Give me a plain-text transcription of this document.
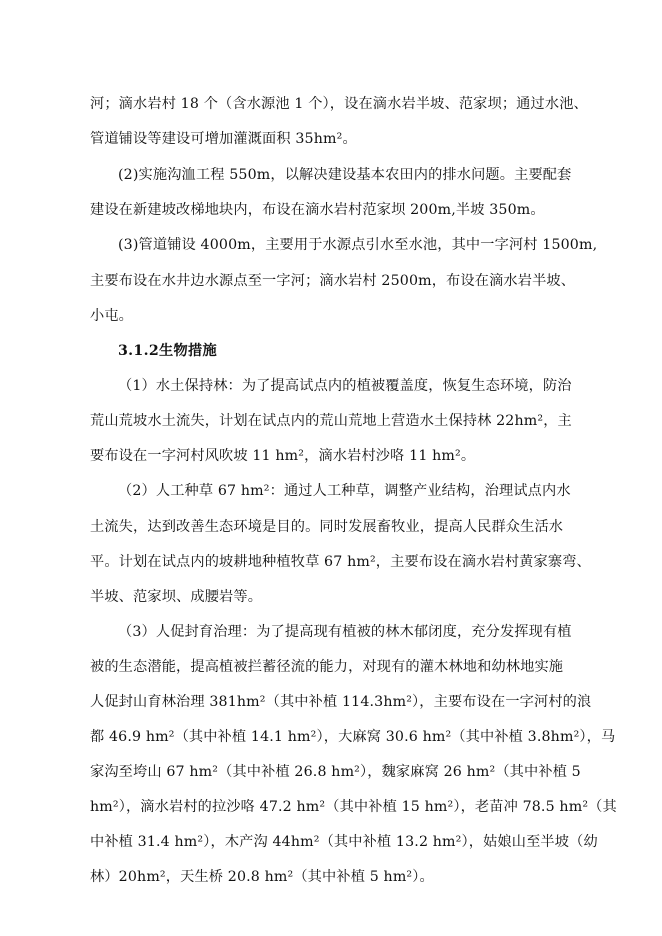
河；滴水岩村 18 个（含水源池 1 个），设在滴水岩半坡、范家坝；通过水池、
管道铺设等建设可增加灌溉面积 35hm²。
(2)实施沟洫工程 550m，以解决建设基本农田内的排水问题。主要配套
建设在新建坡改梯地块内，布设在滴水岩村范家坝 200m,半坡 350m。
(3)管道铺设 4000m，主要用于水源点引水至水池，其中一字河村 1500m,
主要布设在水井边水源点至一字河；滴水岩村 2500m，布设在滴水岩半坡、
小屯。
3.1.2生物措施
（1）水土保持林：为了提高试点内的植被覆盖度，恢复生态环境，防治
荒山荒坡水土流失，计划在试点内的荒山荒地上营造水土保持林 22hm²，主
要布设在一字河村风吹坡 11 hm²，滴水岩村沙咯 11 hm²。
（2）人工种草 67 hm²：通过人工种草，调整产业结构，治理试点内水
土流失，达到改善生态环境是目的。同时发展畜牧业，提高人民群众生活水
平。计划在试点内的坡耕地种植牧草 67 hm²，主要布设在滴水岩村黄家寨弯、
半坡、范家坝、成腰岩等。
（3）人促封育治理：为了提高现有植被的林木郁闭度，充分发挥现有植
被的生态潜能，提高植被拦蓄径流的能力，对现有的灌木林地和幼林地实施
人促封山育林治理 381hm²（其中补植 114.3hm²），主要布设在一字河村的浪
都 46.9 hm²（其中补植 14.1 hm²），大麻窝 30.6 hm²（其中补植 3.8hm²），马
家沟至垮山 67 hm²（其中补植 26.8 hm²），魏家麻窝 26 hm²（其中补植 5
hm²），滴水岩村的拉沙咯 47.2 hm²（其中补植 15 hm²），老苗冲 78.5 hm²（其
中补植 31.4 hm²），木产沟 44hm²（其中补植 13.2 hm²），姑娘山至半坡（幼
林）20hm²，天生桥 20.8 hm²（其中补植 5 hm²）。
